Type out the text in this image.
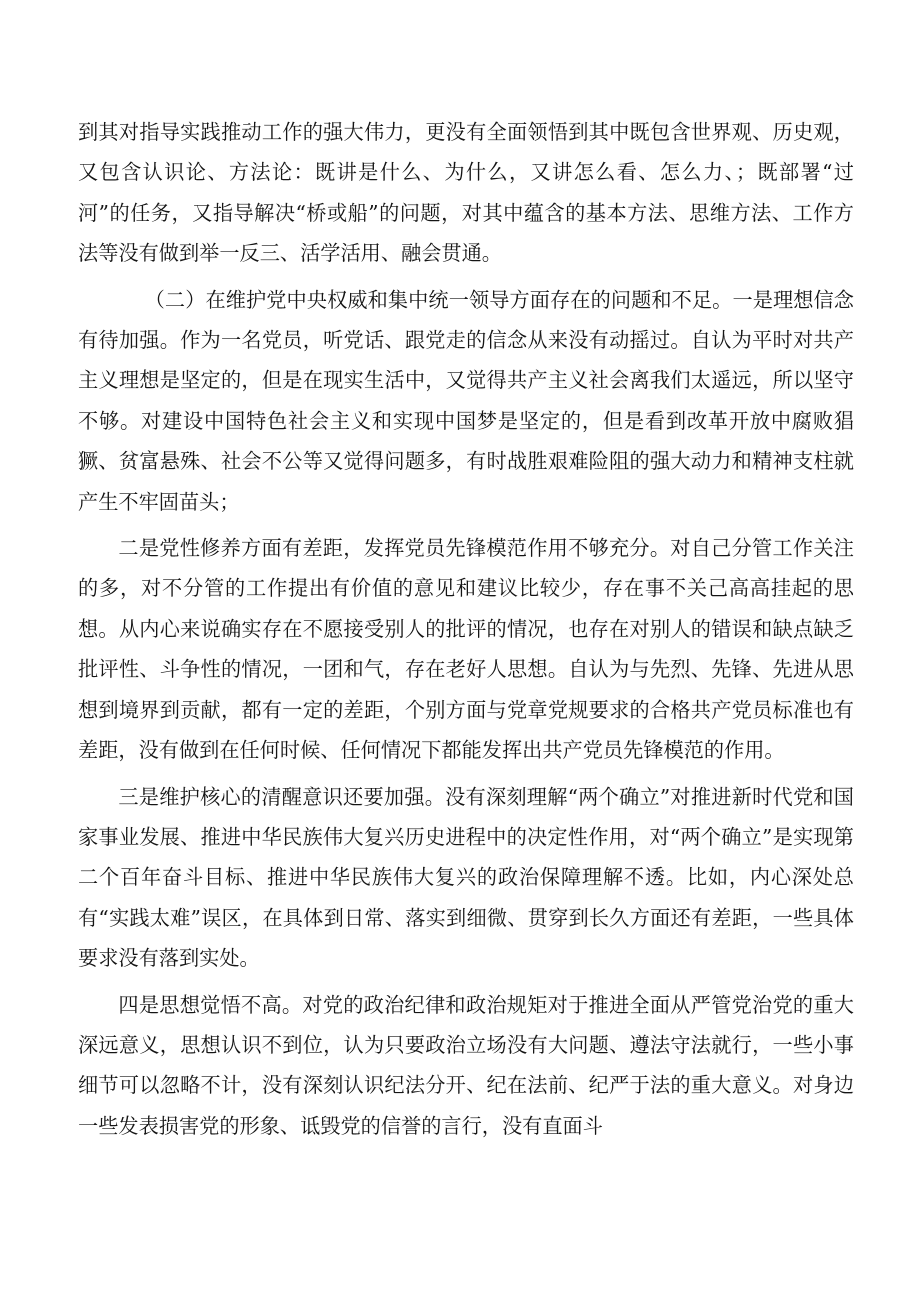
到其对指导实践推动工作的强大伟力，更没有全面领悟到其中既包含世界观、历史观，又包含认识论、方法论：既讲是什么、为什么，又讲怎么看、怎么力、；既部署“过河”的任务，又指导解决“桥或船”的问题，对其中蕴含的基本方法、思维方法、工作方法等没有做到举一反三、活学活用、融会贯通。

（二）在维护党中央权威和集中统一领导方面存在的问题和不足。一是理想信念有待加强。作为一名党员，听党话、跟党走的信念从来没有动摇过。自认为平时对共产主义理想是坚定的，但是在现实生活中，又觉得共产主义社会离我们太遥远，所以坚守不够。对建设中国特色社会主义和实现中国梦是坚定的，但是看到改革开放中腐败猖獗、贫富悬殊、社会不公等又觉得问题多，有时战胜艰难险阻的强大动力和精神支柱就产生不牢固苗头；

二是党性修养方面有差距，发挥党员先锋模范作用不够充分。对自己分管工作关注的多，对不分管的工作提出有价值的意见和建议比较少，存在事不关己高高挂起的思想。从内心来说确实存在不愿接受别人的批评的情况，也存在对别人的错误和缺点缺乏批评性、斗争性的情况，一团和气，存在老好人思想。自认为与先烈、先锋、先进从思想到境界到贡献，都有一定的差距，个别方面与党章党规要求的合格共产党员标准也有差距，没有做到在任何时候、任何情况下都能发挥出共产党员先锋模范的作用。

三是维护核心的清醒意识还要加强。没有深刻理解“两个确立”对推进新时代党和国家事业发展、推进中华民族伟大复兴历史进程中的决定性作用，对“两个确立”是实现第二个百年奋斗目标、推进中华民族伟大复兴的政治保障理解不透。比如，内心深处总有“实践太难”误区，在具体到日常、落实到细微、贯穿到长久方面还有差距，一些具体要求没有落到实处。

四是思想觉悟不高。对党的政治纪律和政治规矩对于推进全面从严管党治党的重大深远意义，思想认识不到位，认为只要政治立场没有大问题、遵法守法就行，一些小事细节可以忽略不计，没有深刻认识纪法分开、纪在法前、纪严于法的重大意义。对身边一些发表损害党的形象、诋毁党的信誉的言行，没有直面斗
